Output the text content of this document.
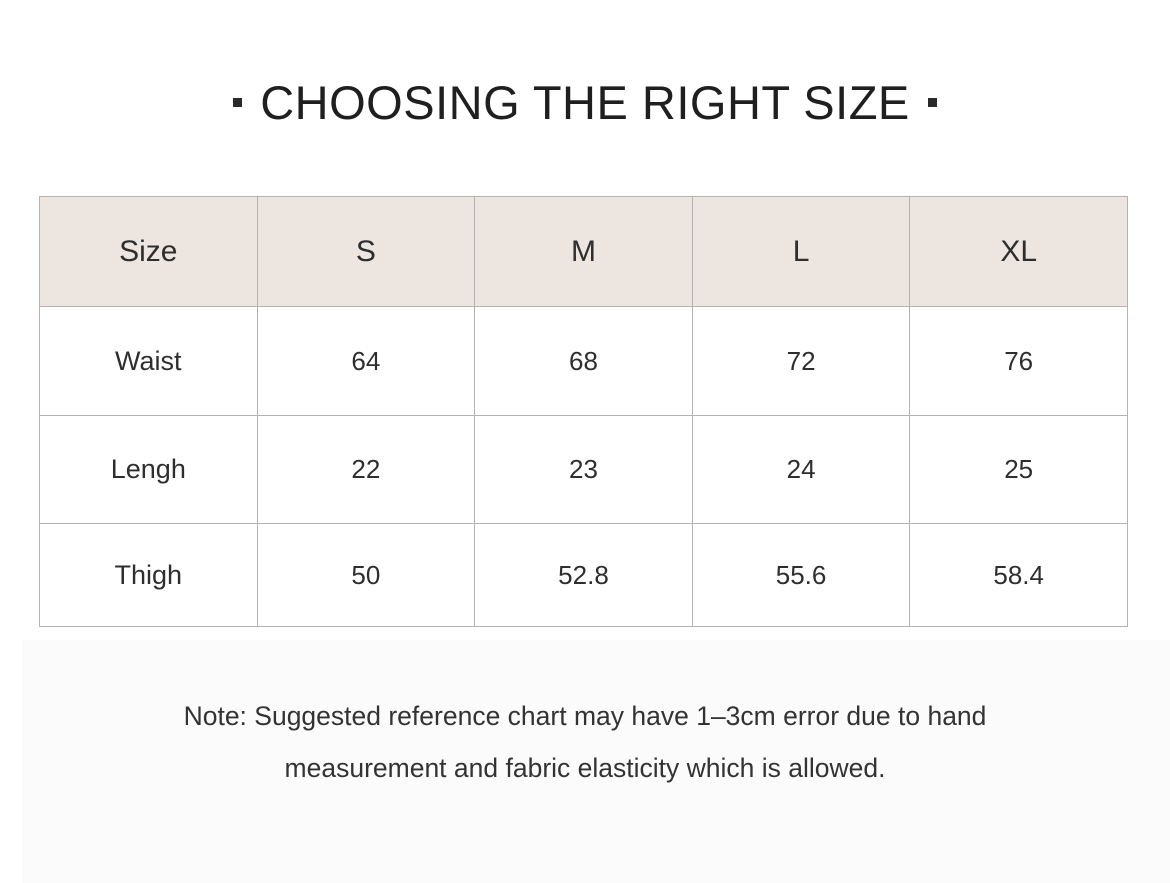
CHOOSING THE RIGHT SIZE
Size	S	M	L	XL
Waist	64	68	72	76
Lengh	22	23	24	25
Thigh	50	52.8	55.6	58.4
Note: Suggested reference chart may have 1–3cm error due to hand
measurement and fabric elasticity which is allowed.
